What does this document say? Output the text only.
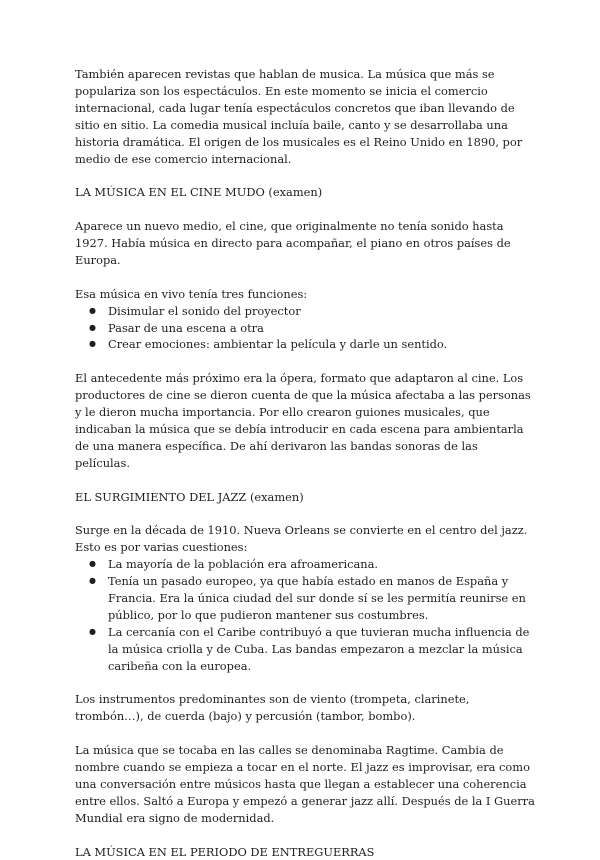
También aparecen revistas que hablan de musica. La música que más se populariza son los espectáculos. En este momento se inicia el comercio internacional, cada lugar tenía espectáculos concretos que iban llevando de sitio en sitio. La comedia musical incluía baile, canto y se desarrollaba una historia dramática. El origen de los musicales es el Reino Unido en 1890, por medio de ese comercio internacional.

LA MÚSICA EN EL CINE MUDO (examen)

Aparece un nuevo medio, el cine, que originalmente no tenía sonido hasta 1927. Había música en directo para acompañar, el piano en otros países de Europa.

Esa música en vivo tenía tres funciones:

● Disimular el sonido del proyector
● Pasar de una escena a otra
● Crear emociones: ambientar la película y darle un sentido.

El antecedente más próximo era la ópera, formato que adaptaron al cine. Los productores de cine se dieron cuenta de que la música afectaba a las personas y le dieron mucha importancia. Por ello crearon guiones musicales, que indicaban la música que se debía introducir en cada escena para ambientarla de una manera específica. De ahí derivaron las bandas sonoras de las películas.

EL SURGIMIENTO DEL JAZZ (examen)

Surge en la década de 1910. Nueva Orleans se convierte en el centro del jazz. Esto es por varias cuestiones:

● La mayoría de la población era afroamericana.
● Tenía un pasado europeo, ya que había estado en manos de España y Francia. Era la única ciudad del sur donde sí se les permitía reunirse en público, por lo que pudieron mantener sus costumbres.
● La cercanía con el Caribe contribuyó a que tuvieran mucha influencia de la música criolla y de Cuba. Las bandas empezaron a mezclar la música caribeña con la europea.

Los instrumentos predominantes son de viento (trompeta, clarinete, trombón…), de cuerda (bajo) y percusión (tambor, bombo).

La música que se tocaba en las calles se denominaba Ragtime. Cambia de nombre cuando se empieza a tocar en el norte. El jazz es improvisar, era como una conversación entre músicos hasta que llegan a establecer una coherencia entre ellos. Saltó a Europa y empezó a generar jazz allí. Después de la I Guerra Mundial era signo de modernidad.

LA MÚSICA EN EL PERIODO DE ENTREGUERRAS
